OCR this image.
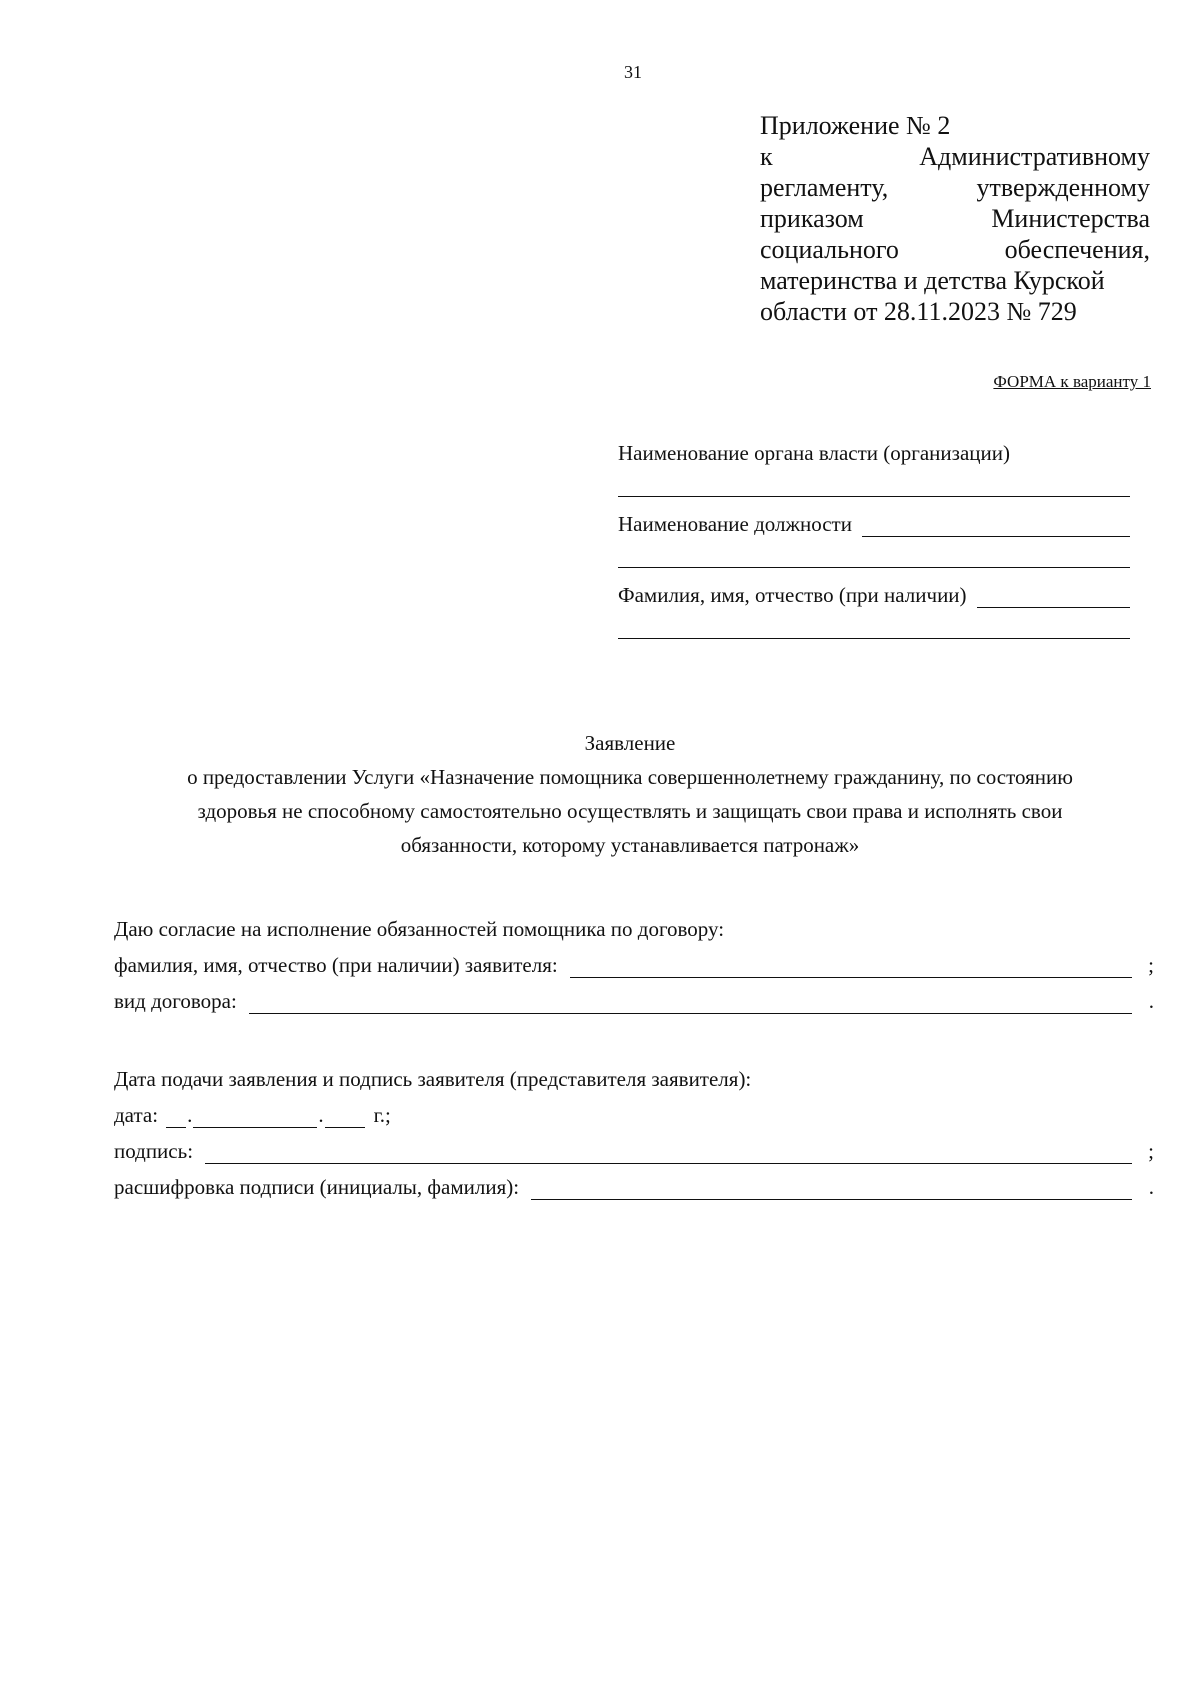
31
Приложение № 2
к	Административному
регламенту,	утвержденному
приказом	Министерства
социального	обеспечения,
материнства и детства Курской
области от 28.11.2023 № 729
ФОРМА к варианту 1
Наименование органа власти (организации)
Наименование должности
Фамилия, имя, отчество (при наличии)
Заявление
о предоставлении Услуги «Назначение помощника совершеннолетнему гражданину, по состоянию
здоровья не способному самостоятельно осуществлять и защищать свои права и исполнять свои
обязанности, которому устанавливается патронаж»
Даю согласие на исполнение обязанностей помощника по договору:
фамилия, имя, отчество (при наличии) заявителя:	;
вид договора:	.
Дата подачи заявления и подпись заявителя (представителя заявителя):
дата: .	. г.;
подпись:	;
расшифровка подписи (инициалы, фамилия):	.
